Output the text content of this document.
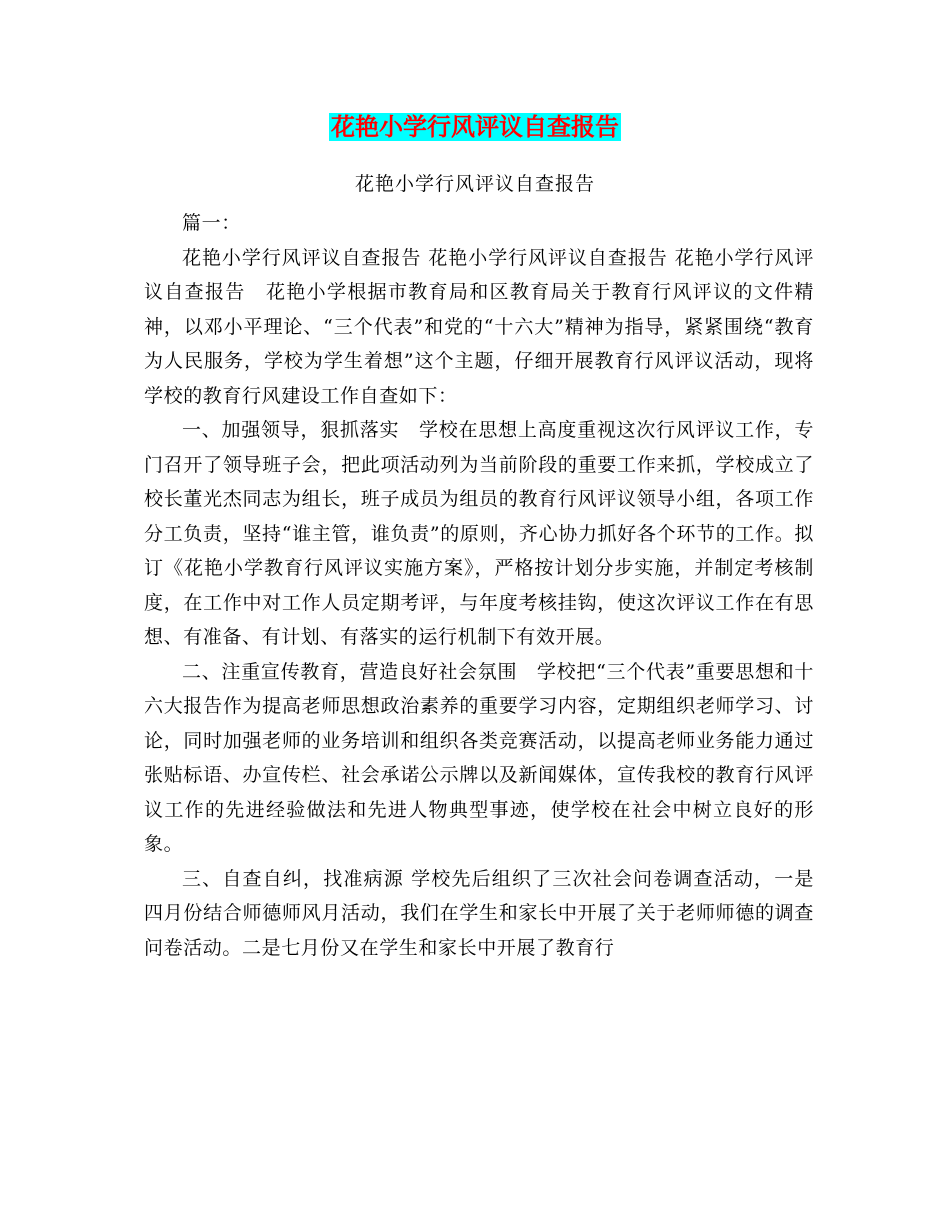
花艳小学行风评议自查报告
花艳小学行风评议自查报告

篇一：

花艳小学行风评议自查报告 花艳小学行风评议自查报告 花艳小学行风评议自查报告　花艳小学根据市教育局和区教育局关于教育行风评议的文件精神，以邓小平理论、“三个代表”和党的“十六大”精神为指导，紧紧围绕“教育为人民服务，学校为学生着想”这个主题，仔细开展教育行风评议活动，现将学校的教育行风建设工作自查如下：

一、加强领导，狠抓落实　学校在思想上高度重视这次行风评议工作，专门召开了领导班子会，把此项活动列为当前阶段的重要工作来抓，学校成立了校长董光杰同志为组长，班子成员为组员的教育行风评议领导小组，各项工作分工负责，坚持“谁主管，谁负责”的原则，齐心协力抓好各个环节的工作。拟订《花艳小学教育行风评议实施方案》，严格按计划分步实施，并制定考核制度，在工作中对工作人员定期考评，与年度考核挂钩，使这次评议工作在有思想、有准备、有计划、有落实的运行机制下有效开展。

二、注重宣传教育，营造良好社会氛围　学校把“三个代表”重要思想和十六大报告作为提高老师思想政治素养的重要学习内容，定期组织老师学习、讨论，同时加强老师的业务培训和组织各类竞赛活动，以提高老师业务能力通过张贴标语、办宣传栏、社会承诺公示牌以及新闻媒体，宣传我校的教育行风评议工作的先进经验做法和先进人物典型事迹，使学校在社会中树立良好的形象。

三、自查自纠，找准病源 学校先后组织了三次社会问卷调查活动，一是四月份结合师德师风月活动，我们在学生和家长中开展了关于老师师德的调查问卷活动。二是七月份又在学生和家长中开展了教育行
